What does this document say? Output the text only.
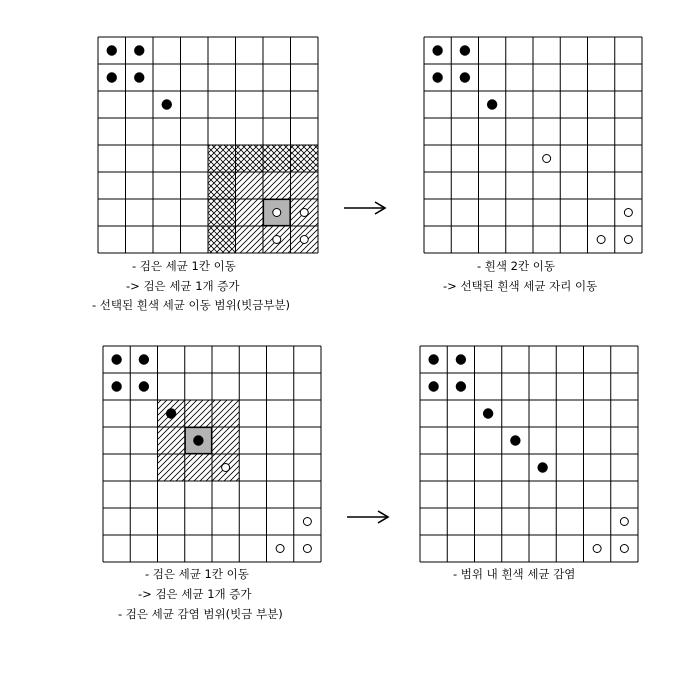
- 검은 세균 1칸 이동
-> 검은 세균 1개 증가
- 선택된 흰색 세균 이동 범위(빗금부분)
- 흰색 2칸 이동
-> 선택된 흰색 세균 자리 이동
- 검은 세균 1칸 이동
-> 검은 세균 1개 증가
- 검은 세균 감염 범위(빗금 부분)
- 범위 내 흰색 세균 감염
